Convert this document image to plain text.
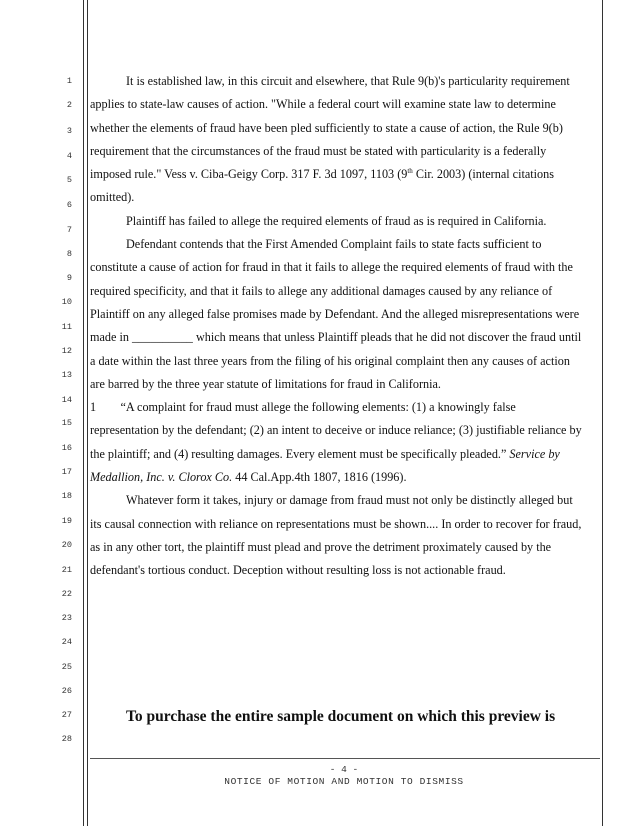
1
2
3
4
5
6
7
8
9
10
11
12
13
14
15
16
17
18
19
20
21
22
23
24
25
26
27
28

It is established law, in this circuit and elsewhere, that Rule 9(b)'s particularity requirement
applies to state-law causes of action. "While a federal court will examine state law to determine
whether the elements of fraud have been pled sufficiently to state a cause of action, the Rule 9(b)
requirement that the circumstances of the fraud must be stated with particularity is a federally
imposed rule." Vess v. Ciba-Geigy Corp. 317 F. 3d 1097, 1103 (9th Cir. 2003) (internal citations
omitted).

Plaintiff has failed to allege the required elements of fraud as is required in California.

Defendant contends that the First Amended Complaint fails to state facts sufficient to
constitute a cause of action for fraud in that it fails to allege the required elements of fraud with the
required specificity, and that it fails to allege any additional damages caused by any reliance of
Plaintiff on any alleged false promises made by Defendant. And the alleged misrepresentations were
made in __________ which means that unless Plaintiff pleads that he did not discover the fraud until
a date within the last three years from the filing of his original complaint then any causes of action
are barred by the three year statute of limitations for fraud in California.

1        “A complaint for fraud must allege the following elements: (1) a knowingly false
representation by the defendant; (2) an intent to deceive or induce reliance; (3) justifiable reliance by
the plaintiff; and (4) resulting damages. Every element must be specifically pleaded.” Service by
Medallion, Inc. v. Clorox Co. 44 Cal.App.4th 1807, 1816 (1996).

Whatever form it takes, injury or damage from fraud must not only be distinctly alleged but
its causal connection with reliance on representations must be shown.... In order to recover for fraud,
as in any other tort, the plaintiff must plead and prove the detriment proximately caused by the
defendant's tortious conduct. Deception without resulting loss is not actionable fraud.

To purchase the entire sample document on which this preview is
- 4 -
NOTICE OF MOTION AND MOTION TO DISMISS
